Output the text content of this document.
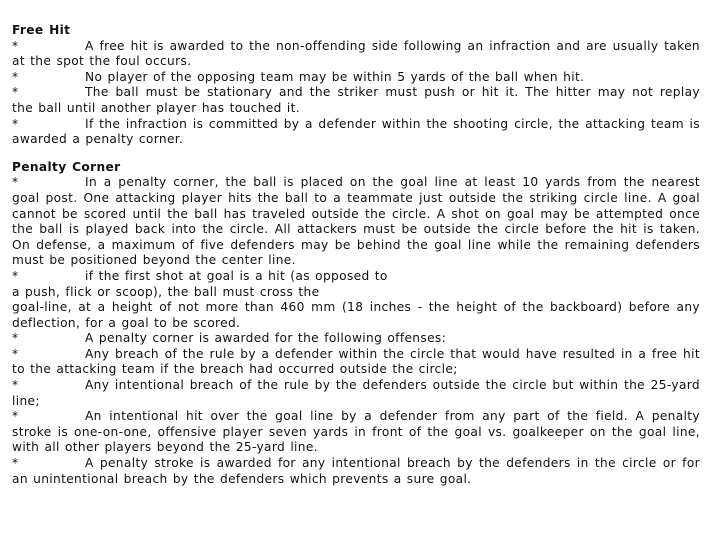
Free Hit

*	A free hit is awarded to the non-offending side following an infraction and are usually taken at the spot the foul occurs.

*	No player of the opposing team may be within 5 yards of the ball when hit.

*	The ball must be stationary and the striker must push or hit it. The hitter may not replay the ball until another player has touched it.

*	If the infraction is committed by a defender within the shooting circle, the attacking team is awarded a penalty corner.

Penalty Corner

*	In a penalty corner, the ball is placed on the goal line at least 10 yards from the nearest goal post. One attacking player hits the ball to a teammate just outside the striking circle line. A goal cannot be scored until the ball has traveled outside the circle. A shot on goal may be attempted once the ball is played back into the circle. All attackers must be outside the circle before the hit is taken. On defense, a maximum of five defenders may be behind the goal line while the remaining defenders must be positioned beyond the center line.

*	if the first shot at goal is a hit (as opposed to

a push, flick or scoop), the ball must cross the

goal-line, at a height of not more than 460 mm (18 inches - the height of the backboard) before any deflection, for a goal to be scored.

*	A penalty corner is awarded for the following offenses:

*	Any breach of the rule by a defender within the circle that would have resulted in a free hit to the attacking team if the breach had occurred outside the circle;

*	Any intentional breach of the rule by the defenders outside the circle but within the 25-yard line;

*	An intentional hit over the goal line by a defender from any part of the field. A penalty stroke is one-on-one, offensive player seven yards in front of the goal vs. goalkeeper on the goal line, with all other players beyond the 25-yard line.

*	A penalty stroke is awarded for any intentional breach by the defenders in the circle or for an unintentional breach by the defenders which prevents a sure goal.
